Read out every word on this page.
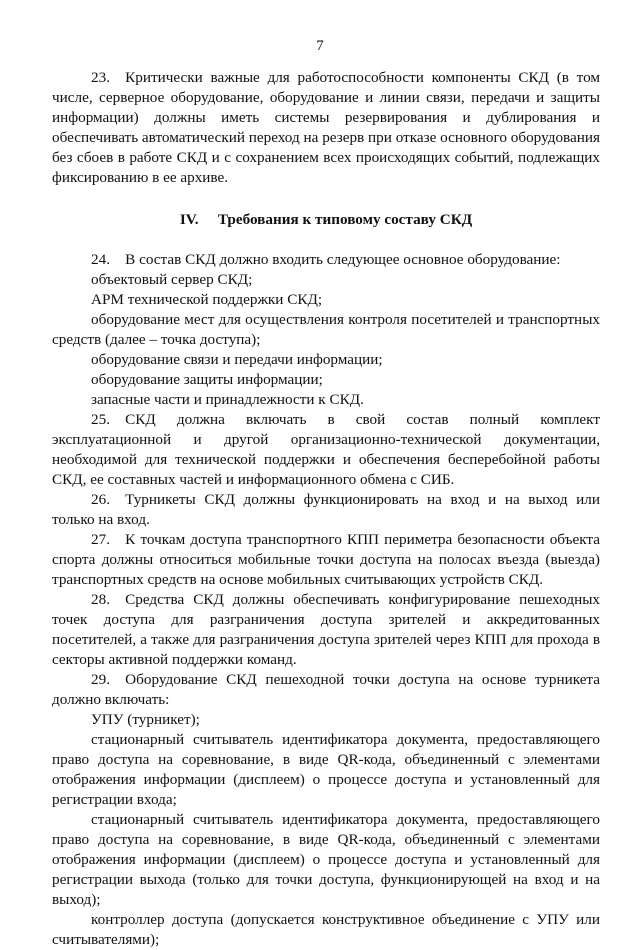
7

23. Критически важные для работоспособности компоненты СКД (в том числе, серверное оборудование, оборудование и линии связи, передачи и защиты информации) должны иметь системы резервирования и дублирования и обеспечивать автоматический переход на резерв при отказе основного оборудования без сбоев в работе СКД и с сохранением всех происходящих событий, подлежащих фиксированию в ее архиве.

IV. Требования к типовому составу СКД

24. В состав СКД должно входить следующее основное оборудование:

объектовый сервер СКД;

АРМ технической поддержки СКД;

оборудование мест для осуществления контроля посетителей и транспортных средств (далее – точка доступа);

оборудование связи и передачи информации;

оборудование защиты информации;

запасные части и принадлежности к СКД.

25. СКД должна включать в свой состав полный комплект эксплуатационной и другой организационно-технической документации, необходимой для технической поддержки и обеспечения бесперебойной работы СКД, ее составных частей и информационного обмена с СИБ.

26. Турникеты СКД должны функционировать на вход и на выход или только на вход.

27. К точкам доступа транспортного КПП периметра безопасности объекта спорта должны относиться мобильные точки доступа на полосах въезда (выезда) транспортных средств на основе мобильных считывающих устройств СКД.

28. Средства СКД должны обеспечивать конфигурирование пешеходных точек доступа для разграничения доступа зрителей и аккредитованных посетителей, а также для разграничения доступа зрителей через КПП для прохода в секторы активной поддержки команд.

29. Оборудование СКД пешеходной точки доступа на основе турникета должно включать:

УПУ (турникет);

стационарный считыватель идентификатора документа, предоставляющего право доступа на соревнование, в виде QR-кода, объединенный с элементами отображения информации (дисплеем) о процессе доступа и установленный для регистрации входа;

стационарный считыватель идентификатора документа, предоставляющего право доступа на соревнование, в виде QR-кода, объединенный с элементами отображения информации (дисплеем) о процессе доступа и установленный для регистрации выхода (только для точки доступа, функционирующей на вход и на выход);

контроллер доступа (допускается конструктивное объединение с УПУ или считывателями);
